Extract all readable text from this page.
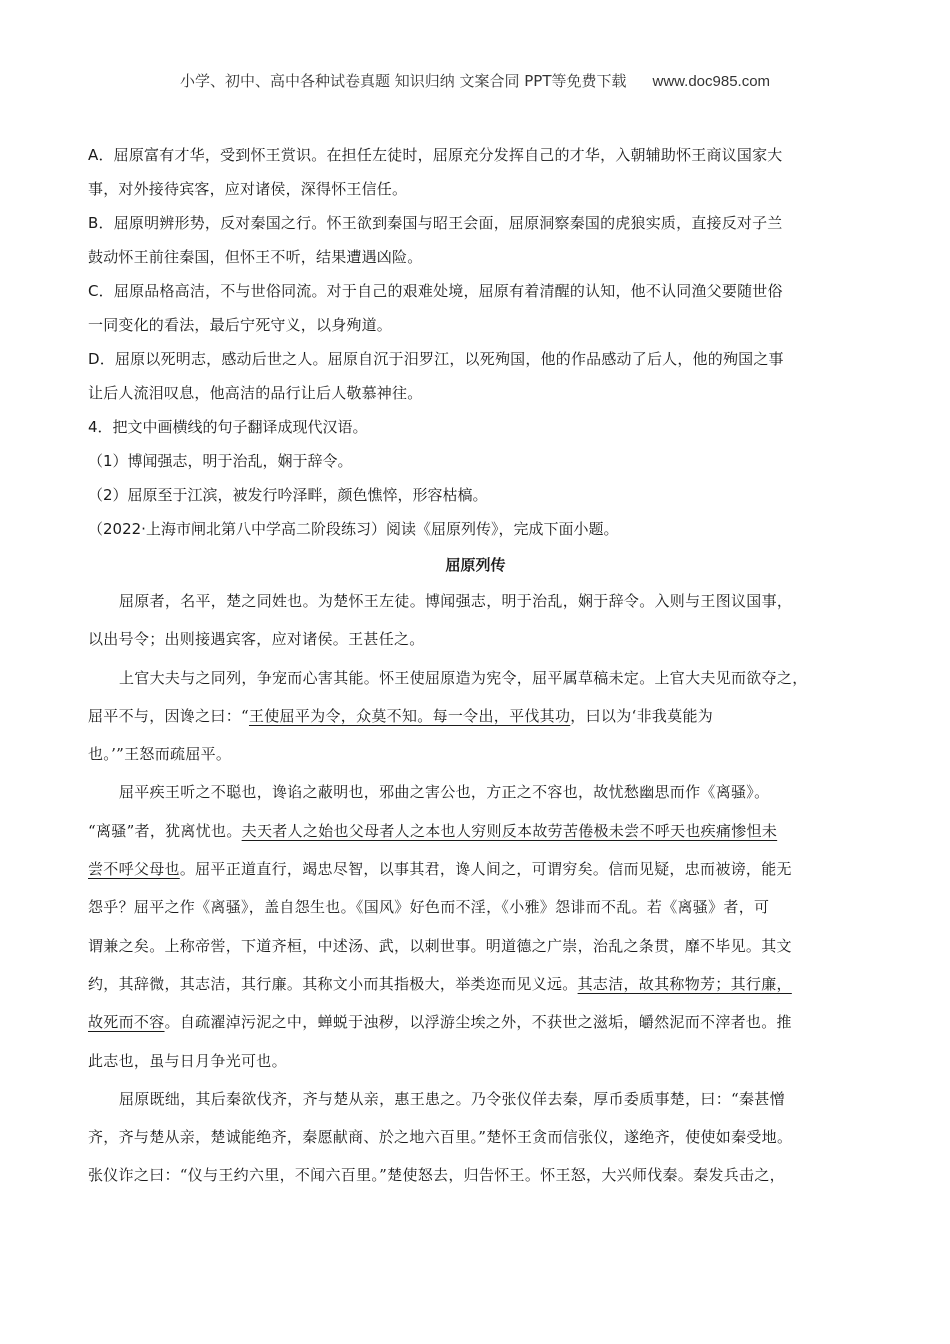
小学、初中、高中各种试卷真题 知识归纳 文案合同 PPT等免费下载 www.doc985.com
A．屈原富有才华，受到怀王赏识。在担任左徒时，屈原充分发挥自己的才华，入朝辅助怀王商议国家大
事，对外接待宾客，应对诸侯，深得怀王信任。
B．屈原明辨形势，反对秦国之行。怀王欲到秦国与昭王会面，屈原洞察秦国的虎狼实质，直接反对子兰
鼓动怀王前往秦国，但怀王不听，结果遭遇凶险。
C．屈原品格高洁，不与世俗同流。对于自己的艰难处境，屈原有着清醒的认知，他不认同渔父要随世俗
一同变化的看法，最后宁死守义，以身殉道。
D．屈原以死明志，感动后世之人。屈原自沉于汨罗江，以死殉国，他的作品感动了后人，他的殉国之事
让后人流泪叹息，他高洁的品行让后人敬慕神往。
4．把文中画横线的句子翻译成现代汉语。
（1）博闻强志，明于治乱，娴于辞令。
（2）屈原至于江滨，被发行吟泽畔，颜色憔悴，形容枯槁。
（2022·上海市闸北第八中学高二阶段练习）阅读《屈原列传》，完成下面小题。
屈原列传
屈原者，名平，楚之同姓也。为楚怀王左徒。博闻强志，明于治乱，娴于辞令。入则与王图议国事，
以出号令；出则接遇宾客，应对诸侯。王甚任之。
上官大夫与之同列，争宠而心害其能。怀王使屈原造为宪令，屈平属草稿未定。上官大夫见而欲夺之，
屈平不与，因谗之曰：“王使屈平为令，众莫不知。每一令出，平伐其功，曰以为‘非我莫能为
也。’”王怒而疏屈平。
屈平疾王听之不聪也，谗谄之蔽明也，邪曲之害公也，方正之不容也，故忧愁幽思而作《离骚》。
“离骚”者，犹离忧也。夫天者人之始也父母者人之本也人穷则反本故劳苦倦极未尝不呼天也疾痛惨怛未
尝不呼父母也。屈平正道直行，竭忠尽智，以事其君，谗人间之，可谓穷矣。信而见疑，忠而被谤，能无
怨乎？屈平之作《离骚》，盖自怨生也。《国风》好色而不淫，《小雅》怨诽而不乱。若《离骚》者，可
谓兼之矣。上称帝喾，下道齐桓，中述汤、武，以刺世事。明道德之广崇，治乱之条贯，靡不毕见。其文
约，其辞微，其志洁，其行廉。其称文小而其指极大，举类迩而见义远。其志洁，故其称物芳；其行廉，
故死而不容。自疏濯淖污泥之中，蝉蜕于浊秽，以浮游尘埃之外，不获世之滋垢，皭然泥而不滓者也。推
此志也，虽与日月争光可也。
屈原既绌，其后秦欲伐齐，齐与楚从亲，惠王患之。乃令张仪佯去秦，厚币委质事楚，曰：“秦甚憎
齐，齐与楚从亲，楚诚能绝齐，秦愿献商、於之地六百里。”楚怀王贪而信张仪，遂绝齐，使使如秦受地。
张仪诈之曰：“仪与王约六里，不闻六百里。”楚使怒去，归告怀王。怀王怒，大兴师伐秦。秦发兵击之，
